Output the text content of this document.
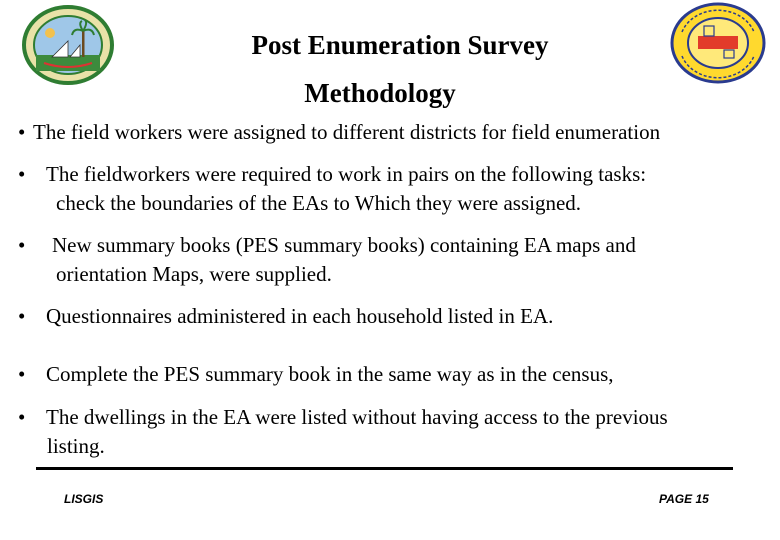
Post Enumeration Survey
Methodology
• The field workers were assigned to different districts for field enumeration
• The fieldworkers were required to work in pairs on the following tasks:
check the boundaries of the EAs to Which they were assigned.
•	New summary books (PES summary books) containing EA maps and
orientation Maps, were supplied.
• Questionnaires administered in each household listed in EA.
• Complete the PES summary book in the same way as in the census,
• The dwellings in the EA were listed without having access to the previous
listing.
LISGIS	PAGE 15
